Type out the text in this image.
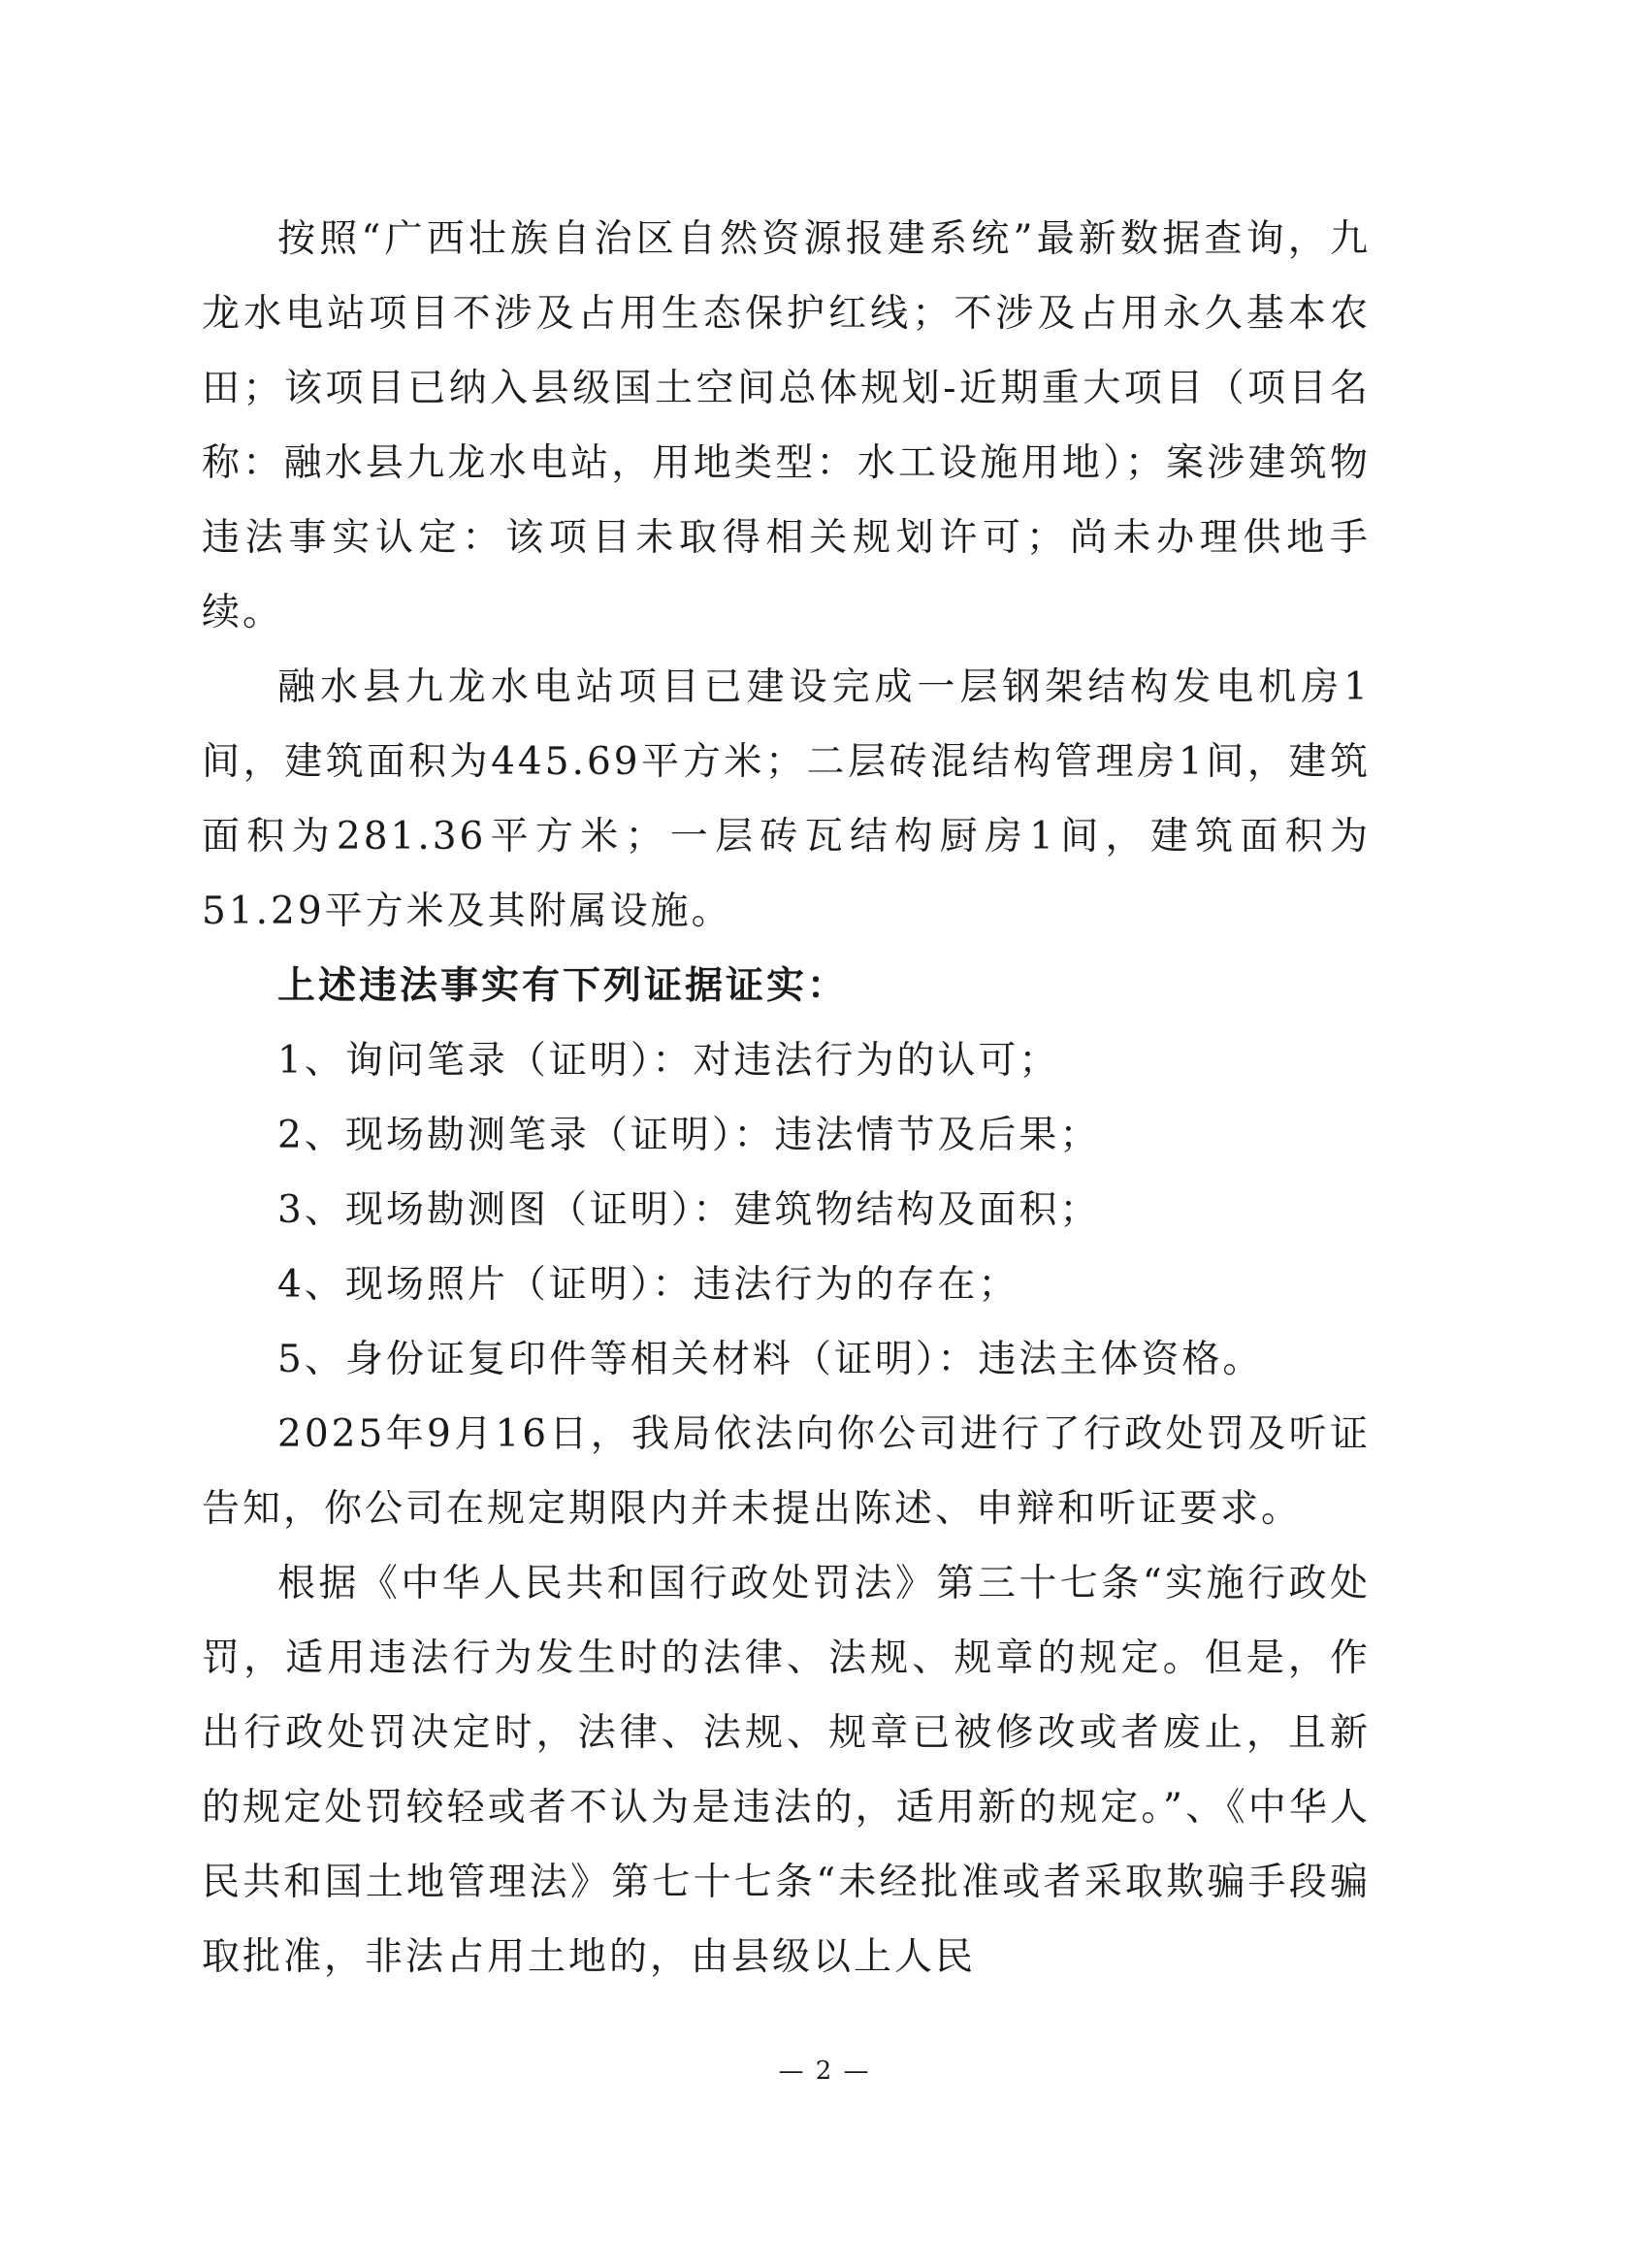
按照“广西壮族自治区自然资源报建系统”最新数据查询，九龙水电站项目不涉及占用生态保护红线；不涉及占用永久基本农田；该项目已纳入县级国土空间总体规划-近期重大项目（项目名称：融水县九龙水电站，用地类型：水工设施用地）；案涉建筑物违法事实认定：该项目未取得相关规划许可；尚未办理供地手续。

融水县九龙水电站项目已建设完成一层钢架结构发电机房1间，建筑面积为445.69平方米；二层砖混结构管理房1间，建筑面积为281.36平方米；一层砖瓦结构厨房1间，建筑面积为51.29平方米及其附属设施。

上述违法事实有下列证据证实：

1、询问笔录（证明）：对违法行为的认可；
2、现场勘测笔录（证明）：违法情节及后果；
3、现场勘测图（证明）：建筑物结构及面积；
4、现场照片（证明）：违法行为的存在；
5、身份证复印件等相关材料（证明）：违法主体资格。

2025年9月16日，我局依法向你公司进行了行政处罚及听证告知，你公司在规定期限内并未提出陈述、申辩和听证要求。

根据《中华人民共和国行政处罚法》第三十七条“实施行政处罚，适用违法行为发生时的法律、法规、规章的规定。但是，作出行政处罚决定时，法律、法规、规章已被修改或者废止，且新的规定处罚较轻或者不认为是违法的，适用新的规定。”、《中华人民共和国土地管理法》第七十七条“未经批准或者采取欺骗手段骗取批准，非法占用土地的，由县级以上人民

— 2 —
